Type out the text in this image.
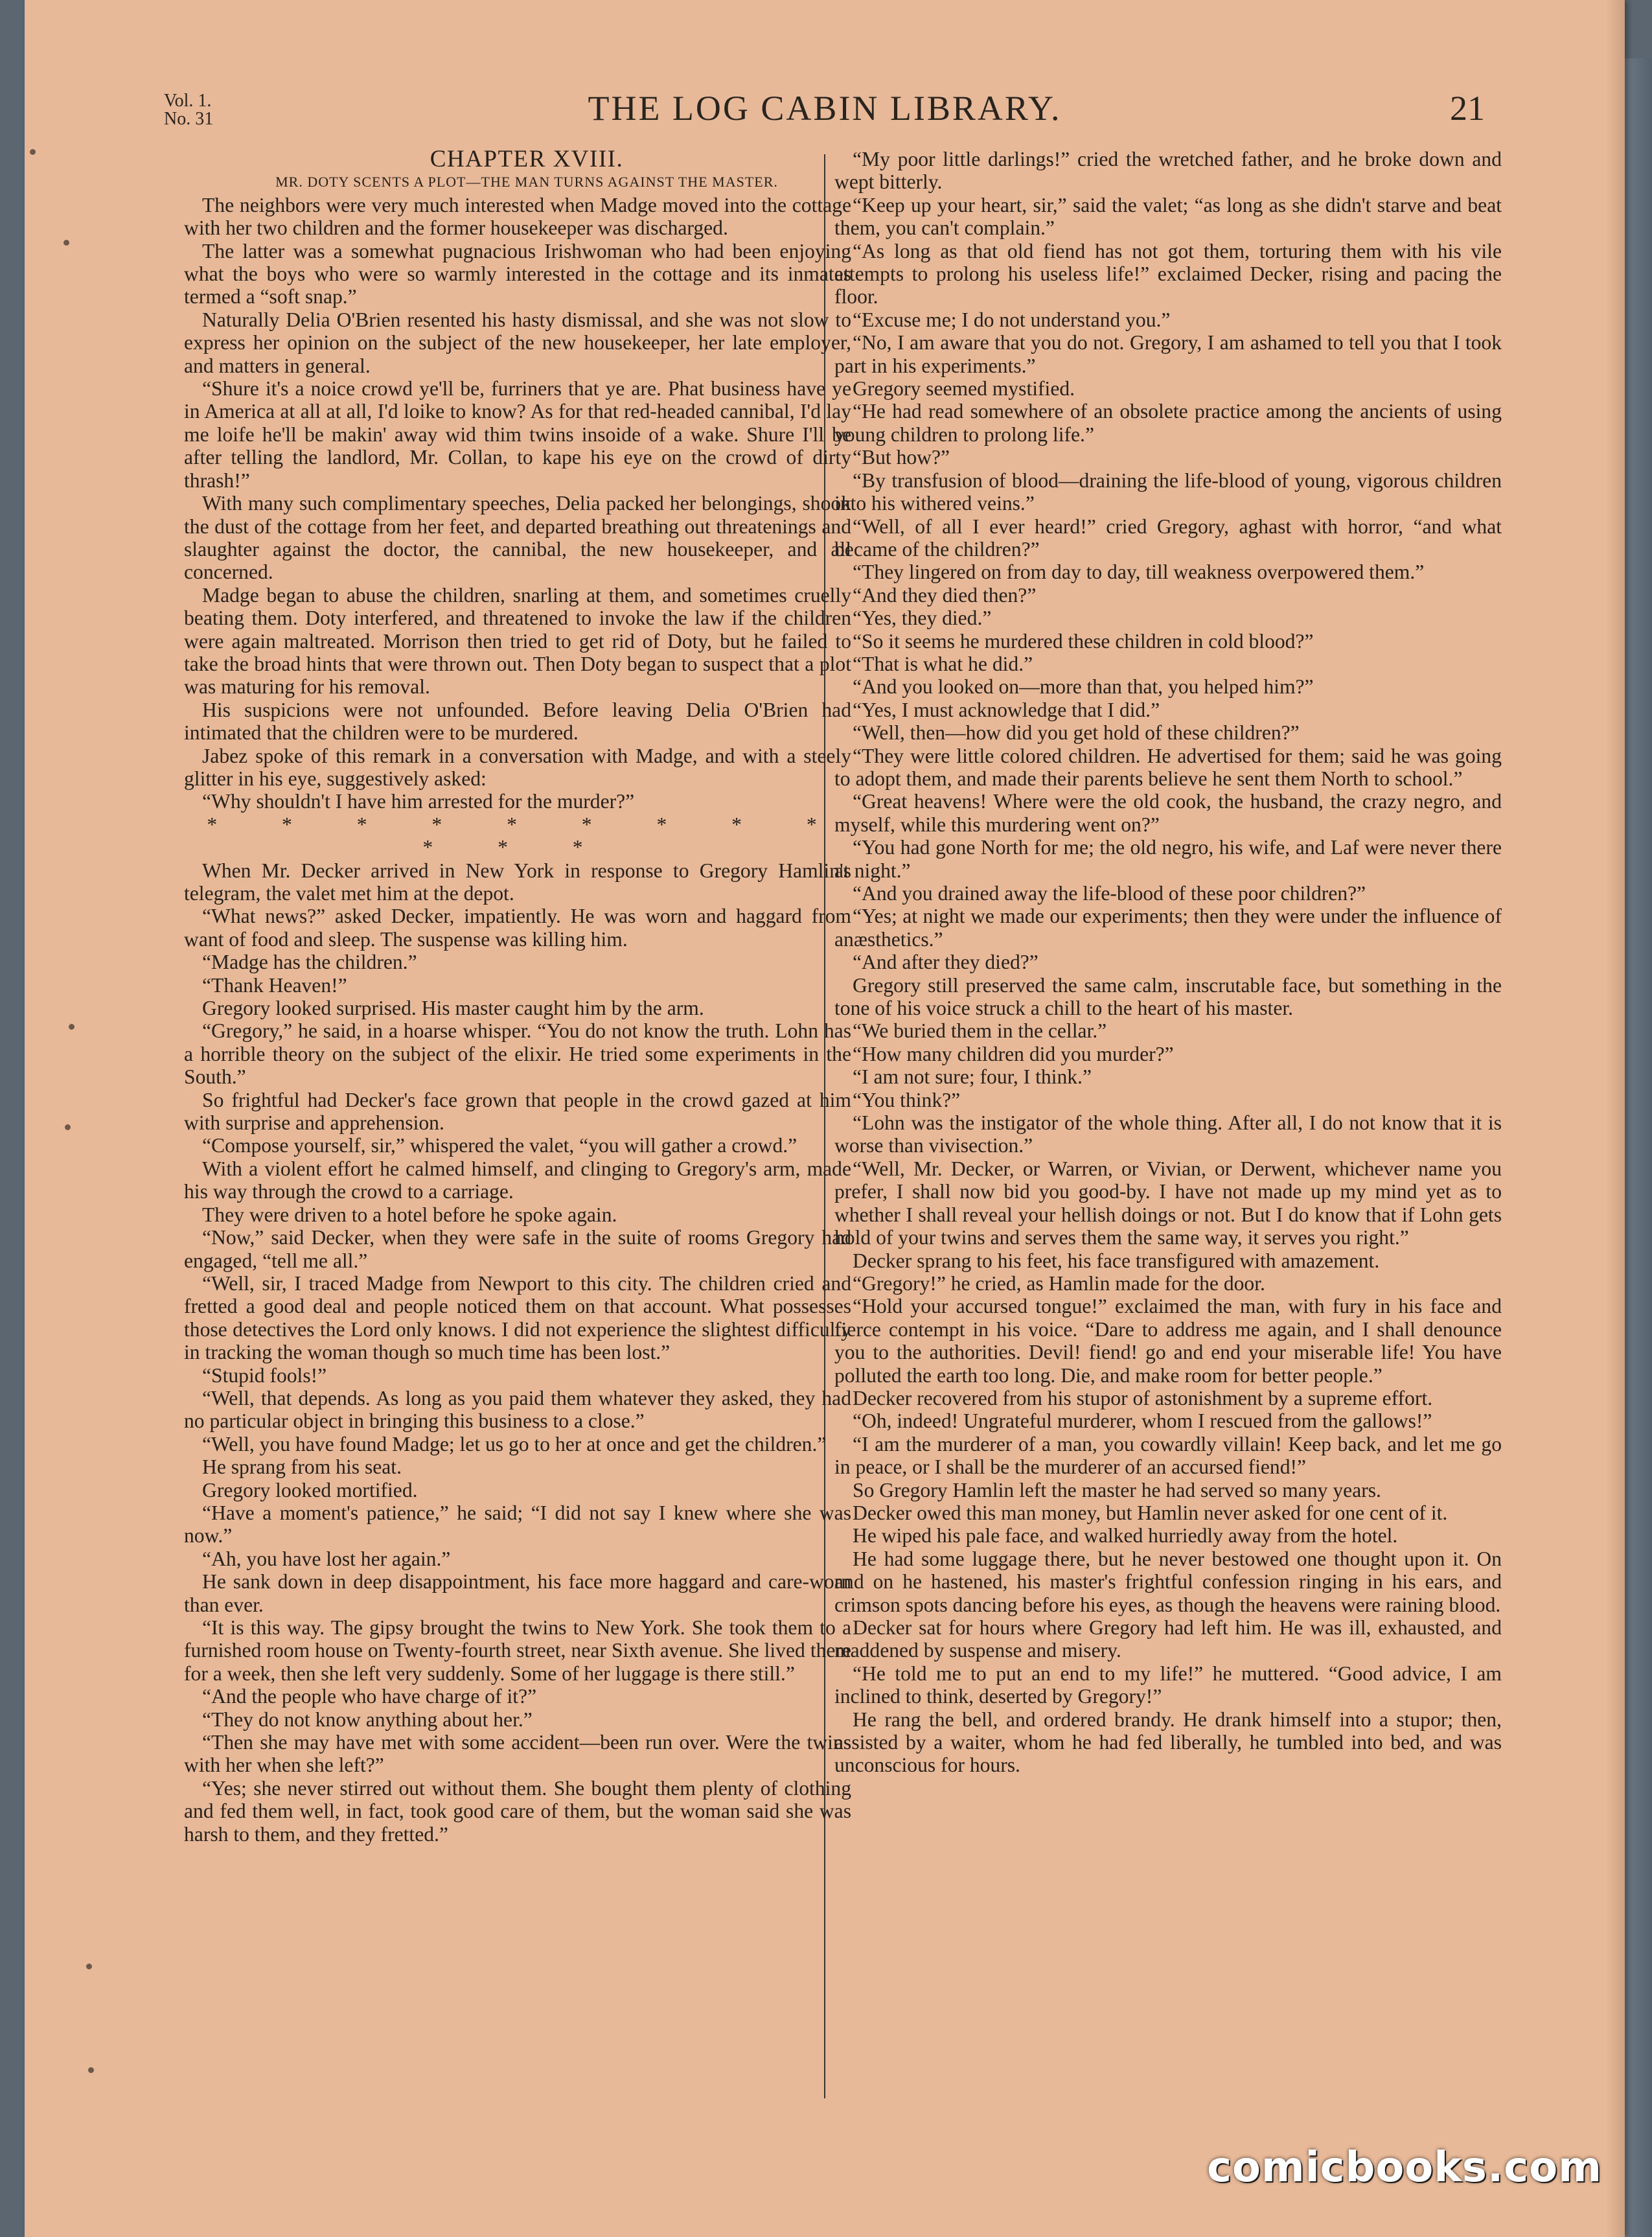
Vol. 1.
No. 31	THE LOG CABIN LIBRARY.	21

CHAPTER XVIII.

MR. DOTY SCENTS A PLOT—THE MAN TURNS AGAINST THE MASTER.

The neighbors were very much interested when Madge moved into the cottage with her two children and the former housekeeper was discharged.

The latter was a somewhat pugnacious Irishwoman who had been enjoying what the boys who were so warmly interested in the cottage and its inmates termed a “soft snap.”

Naturally Delia O'Brien resented his hasty dismissal, and she was not slow to express her opinion on the subject of the new housekeeper, her late employer, and matters in general.

“Shure it's a noice crowd ye'll be, furriners that ye are. Phat business have ye in America at all at all, I'd loike to know? As for that red-headed cannibal, I'd lay me loife he'll be makin' away wid thim twins insoide of a wake. Shure I'll be after telling the landlord, Mr. Collan, to kape his eye on the crowd of dirty thrash!”

With many such complimentary speeches, Delia packed her belongings, shook the dust of the cottage from her feet, and departed breathing out threatenings and slaughter against the doctor, the cannibal, the new housekeeper, and all concerned.

Madge began to abuse the children, snarling at them, and sometimes cruelly beating them. Doty interfered, and threatened to invoke the law if the children were again maltreated. Morrison then tried to get rid of Doty, but he failed to take the broad hints that were thrown out. Then Doty began to suspect that a plot was maturing for his removal.

His suspicions were not unfounded. Before leaving Delia O'Brien had intimated that the children were to be murdered.

Jabez spoke of this remark in a conversation with Madge, and with a steely glitter in his eye, suggestively asked:

“Why shouldn't I have him arrested for the murder?”

* * * * * * * * * * * *

When Mr. Decker arrived in New York in response to Gregory Hamlin's telegram, the valet met him at the depot.

“What news?” asked Decker, impatiently. He was worn and haggard from want of food and sleep. The suspense was killing him.

“Madge has the children.”

“Thank Heaven!”

Gregory looked surprised. His master caught him by the arm.

“Gregory,” he said, in a hoarse whisper. “You do not know the truth. Lohn has a horrible theory on the subject of the elixir. He tried some experiments in the South.”

So frightful had Decker's face grown that people in the crowd gazed at him with surprise and apprehension.

“Compose yourself, sir,” whispered the valet, “you will gather a crowd.”

With a violent effort he calmed himself, and clinging to Gregory's arm, made his way through the crowd to a carriage.

They were driven to a hotel before he spoke again.

“Now,” said Decker, when they were safe in the suite of rooms Gregory had engaged, “tell me all.”

“Well, sir, I traced Madge from Newport to this city. The children cried and fretted a good deal and people noticed them on that account. What possesses those detectives the Lord only knows. I did not experience the slightest difficulty in tracking the woman though so much time has been lost.”

“Stupid fools!”

“Well, that depends. As long as you paid them whatever they asked, they had no particular object in bringing this business to a close.”

“Well, you have found Madge; let us go to her at once and get the children.”

He sprang from his seat.

Gregory looked mortified.

“Have a moment's patience,” he said; “I did not say I knew where she was now.”

“Ah, you have lost her again.”

He sank down in deep disappointment, his face more haggard and care-worn than ever.

“It is this way. The gipsy brought the twins to New York. She took them to a furnished room house on Twenty-fourth street, near Sixth avenue. She lived there for a week, then she left very suddenly. Some of her luggage is there still.”

“And the people who have charge of it?”

“They do not know anything about her.”

“Then she may have met with some accident—been run over. Were the twins with her when she left?”

“Yes; she never stirred out without them. She bought them plenty of clothing and fed them well, in fact, took good care of them, but the woman said she was harsh to them, and they fretted.”

“My poor little darlings!” cried the wretched father, and he broke down and wept bitterly.

“Keep up your heart, sir,” said the valet; “as long as she didn't starve and beat them, you can't complain.”

“As long as that old fiend has not got them, torturing them with his vile attempts to prolong his useless life!” exclaimed Decker, rising and pacing the floor.

“Excuse me; I do not understand you.”

“No, I am aware that you do not. Gregory, I am ashamed to tell you that I took part in his experiments.”

Gregory seemed mystified.

“He had read somewhere of an obsolete practice among the ancients of using young children to prolong life.”

“But how?”

“By transfusion of blood—draining the life-blood of young, vigorous children into his withered veins.”

“Well, of all I ever heard!” cried Gregory, aghast with horror, “and what became of the children?”

“They lingered on from day to day, till weakness overpowered them.”

“And they died then?”

“Yes, they died.”

“So it seems he murdered these children in cold blood?”

“That is what he did.”

“And you looked on—more than that, you helped him?”

“Yes, I must acknowledge that I did.”

“Well, then—how did you get hold of these children?”

“They were little colored children. He advertised for them; said he was going to adopt them, and made their parents believe he sent them North to school.”

“Great heavens! Where were the old cook, the husband, the crazy negro, and myself, while this murdering went on?”

“You had gone North for me; the old negro, his wife, and Laf were never there at night.”

“And you drained away the life-blood of these poor children?”

“Yes; at night we made our experiments; then they were under the influence of anæsthetics.”

“And after they died?”

Gregory still preserved the same calm, inscrutable face, but something in the tone of his voice struck a chill to the heart of his master.

“We buried them in the cellar.”

“How many children did you murder?”

“I am not sure; four, I think.”

“You think?”

“Lohn was the instigator of the whole thing. After all, I do not know that it is worse than vivisection.”

“Well, Mr. Decker, or Warren, or Vivian, or Derwent, whichever name you prefer, I shall now bid you good-by. I have not made up my mind yet as to whether I shall reveal your hellish doings or not. But I do know that if Lohn gets hold of your twins and serves them the same way, it serves you right.”

Decker sprang to his feet, his face transfigured with amazement.

“Gregory!” he cried, as Hamlin made for the door.

“Hold your accursed tongue!” exclaimed the man, with fury in his face and fierce contempt in his voice. “Dare to address me again, and I shall denounce you to the authorities. Devil! fiend! go and end your miserable life! You have polluted the earth too long. Die, and make room for better people.”

Decker recovered from his stupor of astonishment by a supreme effort.

“Oh, indeed! Ungrateful murderer, whom I rescued from the gallows!”

“I am the murderer of a man, you cowardly villain! Keep back, and let me go in peace, or I shall be the murderer of an accursed fiend!”

So Gregory Hamlin left the master he had served so many years.

Decker owed this man money, but Hamlin never asked for one cent of it.

He wiped his pale face, and walked hurriedly away from the hotel.

He had some luggage there, but he never bestowed one thought upon it. On and on he hastened, his master's frightful confession ringing in his ears, and crimson spots dancing before his eyes, as though the heavens were raining blood.

Decker sat for hours where Gregory had left him. He was ill, exhausted, and maddened by suspense and misery.

“He told me to put an end to my life!” he muttered. “Good advice, I am inclined to think, deserted by Gregory!”

He rang the bell, and ordered brandy. He drank himself into a stupor; then, assisted by a waiter, whom he had fed liberally, he tumbled into bed, and was unconscious for hours.

comicbooks.com
